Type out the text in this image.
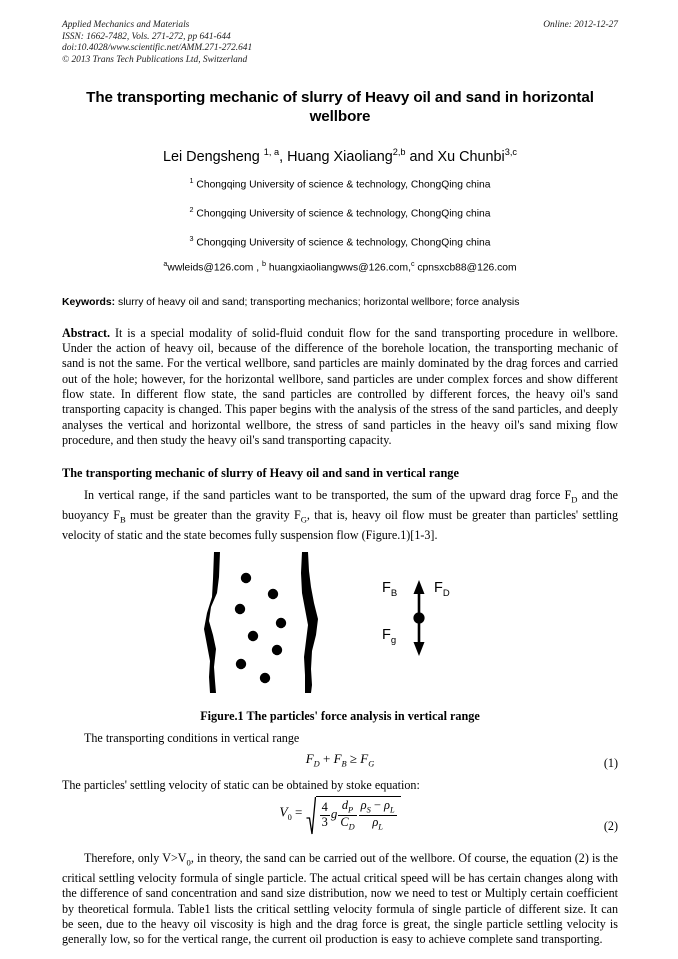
Applied Mechanics and Materials
ISSN: 1662-7482, Vols. 271-272, pp 641-644
doi:10.4028/www.scientific.net/AMM.271-272.641
© 2013 Trans Tech Publications Ltd, Switzerland
Online: 2012-12-27
The transporting mechanic of slurry of Heavy oil and sand in horizontal wellbore
Lei Dengsheng $^{1, a}$, Huang Xiaoliang$^{2,b}$ and Xu Chunbi$^{3,c}$
$^1$ Chongqing University of science & technology, ChongQing china
$^2$ Chongqing University of science & technology, ChongQing china
$^3$ Chongqing University of science & technology, ChongQing china
$^a$wwleids@126.com , $^b$ huangxiaoliangwws@126.com,$^c$ cpnsxcb88@126.com
Keywords: slurry of heavy oil and sand; transporting mechanics; horizontal wellbore; force analysis
Abstract. It is a special modality of solid-fluid conduit flow for the sand transporting procedure in wellbore. Under the action of heavy oil, because of the difference of the borehole location, the transporting mechanic of sand is not the same. For the vertical wellbore, sand particles are mainly dominated by the drag forces and carried out of the hole; however, for the horizontal wellbore, sand particles are under complex forces and show different flow state. In different flow state, the sand particles are controlled by different forces, the heavy oil's sand transporting capacity is changed. This paper begins with the analysis of the stress of the sand particles, and deeply analyses the vertical and horizontal wellbore, the stress of sand particles in the heavy oil's sand mixing flow procedure, and then study the heavy oil's sand transporting capacity.
The transporting mechanic of slurry of Heavy oil and sand in vertical range
In vertical range, if the sand particles want to be transported, the sum of the upward drag force $F_D$ and the buoyancy $F_B$ must be greater than the gravity $F_G$, that is, heavy oil flow must be greater than particles' settling velocity of static and the state becomes fully suspension flow (Figure.1)[1-3].
$F_B$	$F_D$
$F_g$
Figure.1 The particles' force analysis in vertical range
The transporting conditions in vertical range
$F_D + F_B \ge F_G$	(1)
The particles' settling velocity of static can be obtained by stoke equation:
$V_0 = \frac{4}{3}$ g $\frac{d_P}{C_D} \frac{\rho_S - \rho_L}{\rho_L}$	(2)
Therefore, only $V>V_0$, in theory, the sand can be carried out of the wellbore. Of course, the equation (2) is the critical settling velocity formula of single particle. The actual critical speed will be has certain changes along with the difference of sand concentration and sand size distribution, now we need to test or Multiply certain coefficient by theoretical formula. Table1 lists the critical settling velocity formula of single particle of different size. It can be seen, due to the heavy oil viscosity is high and the drag force is great, the single particle settling velocity is generally low, so for the vertical range, the current oil production is easy to achieve complete sand transporting.
